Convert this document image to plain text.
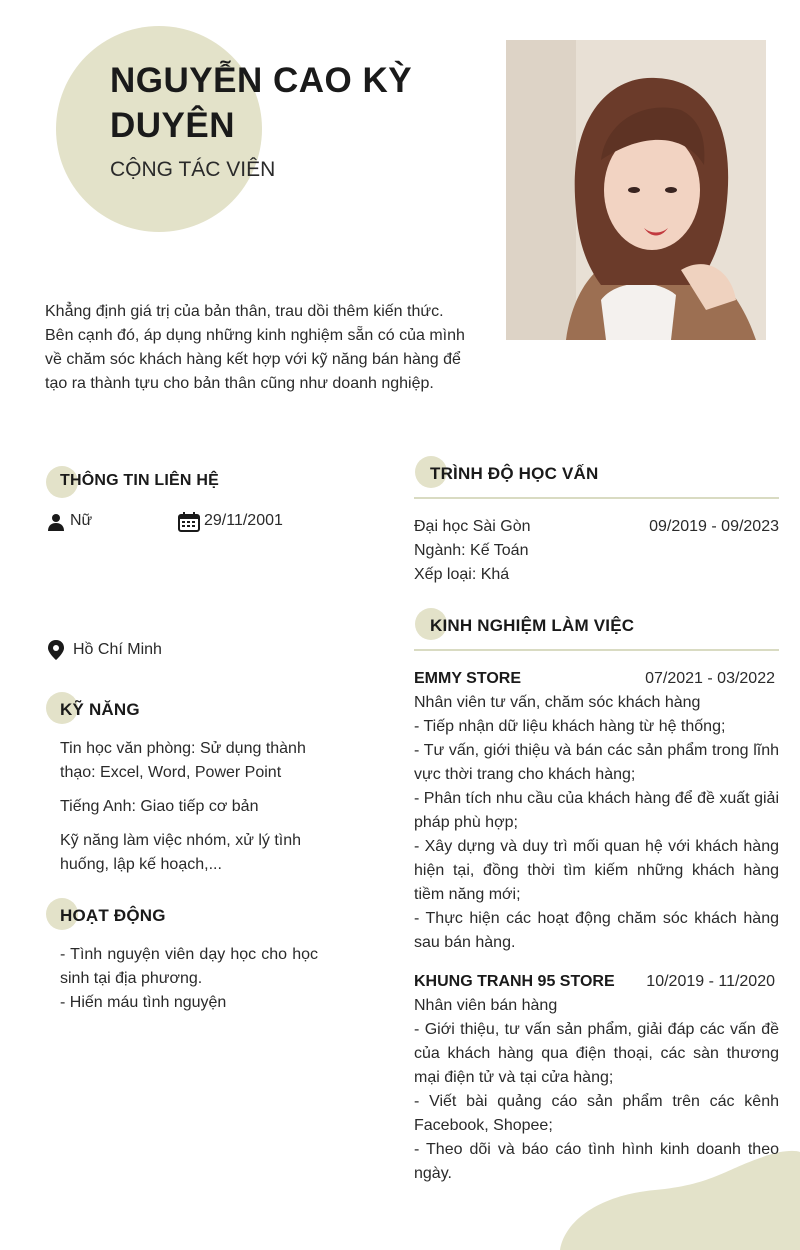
NGUYỄN CAO KỲ DUYÊN
CỘNG TÁC VIÊN
Khẳng định giá trị của bản thân, trau dồi thêm kiến thức. Bên cạnh đó, áp dụng những kinh nghiệm sẵn có của mình về chăm sóc khách hàng kết hợp với kỹ năng bán hàng để tạo ra thành tựu cho bản thân cũng như doanh nghiệp.
THÔNG TIN LIÊN HỆ
Nữ	29/11/2001
Hồ Chí Minh
KỸ NĂNG
Tin học văn phòng: Sử dụng thành thạo: Excel, Word, Power Point
Tiếng Anh: Giao tiếp cơ bản
Kỹ năng làm việc nhóm, xử lý tình huống, lập kế hoạch,...
HOẠT ĐỘNG
- Tình nguyện viên dạy học cho học sinh tại địa phương.
- Hiến máu tình nguyện
TRÌNH ĐỘ HỌC VẤN
Đại học Sài Gòn	09/2019 - 09/2023
Ngành: Kế Toán
Xếp loại: Khá
KINH NGHIỆM LÀM VIỆC
EMMY STORE	07/2021 - 03/2022
Nhân viên tư vấn, chăm sóc khách hàng
- Tiếp nhận dữ liệu khách hàng từ hệ thống;
- Tư vấn, giới thiệu và bán các sản phẩm trong lĩnh vực thời trang cho khách hàng;
- Phân tích nhu cầu của khách hàng để đề xuất giải pháp phù hợp;
- Xây dựng và duy trì mối quan hệ với khách hàng hiện tại, đồng thời tìm kiếm những khách hàng tiềm năng mới;
- Thực hiện các hoạt động chăm sóc khách hàng sau bán hàng.
KHUNG TRANH 95 STORE 10/2019 - 11/2020
Nhân viên bán hàng
- Giới thiệu, tư vấn sản phẩm, giải đáp các vấn đề của khách hàng qua điện thoại, các sàn thương mại điện tử và tại cửa hàng;
- Viết bài quảng cáo sản phẩm trên các kênh Facebook, Shopee;
- Theo dõi và báo cáo tình hình kinh doanh theo ngày.
